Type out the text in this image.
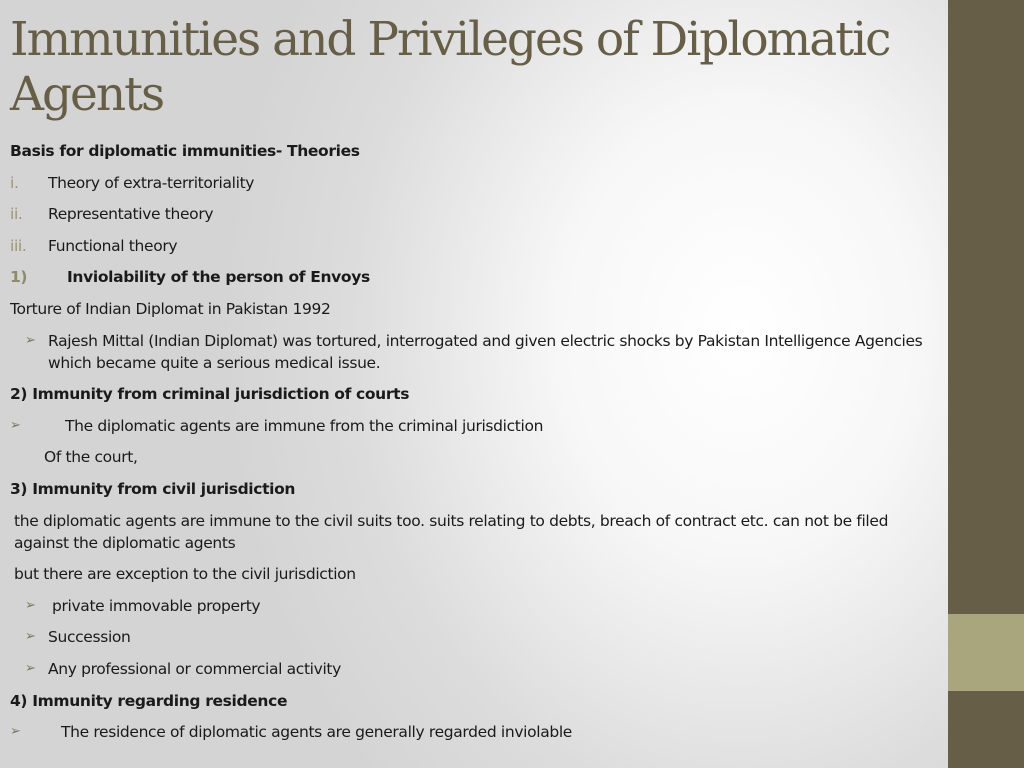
Immunities and Privileges of Diplomatic Agents

Basis for diplomatic immunities- Theories

i. Theory of extra-territoriality

ii. Representative theory

iii. Functional theory

1)	Inviolability of the person of Envoys

Torture of Indian Diplomat in Pakistan 1992

➢ Rajesh Mittal (Indian Diplomat) was tortured, interrogated and given electric shocks by Pakistan Intelligence Agencies which became quite a serious medical issue.

2) Immunity from criminal jurisdiction of courts

➢	The diplomatic agents are immune from the criminal jurisdiction

Of the court,

3) Immunity from civil jurisdiction

the diplomatic agents are immune to the civil suits too. suits relating to debts, breach of contract etc. can not be filed against the diplomatic agents

but there are exception to the civil jurisdiction

➢ private immovable property

➢ Succession

➢ Any professional or commercial activity

4) Immunity regarding residence

➢	The residence of diplomatic agents are generally regarded inviolable
